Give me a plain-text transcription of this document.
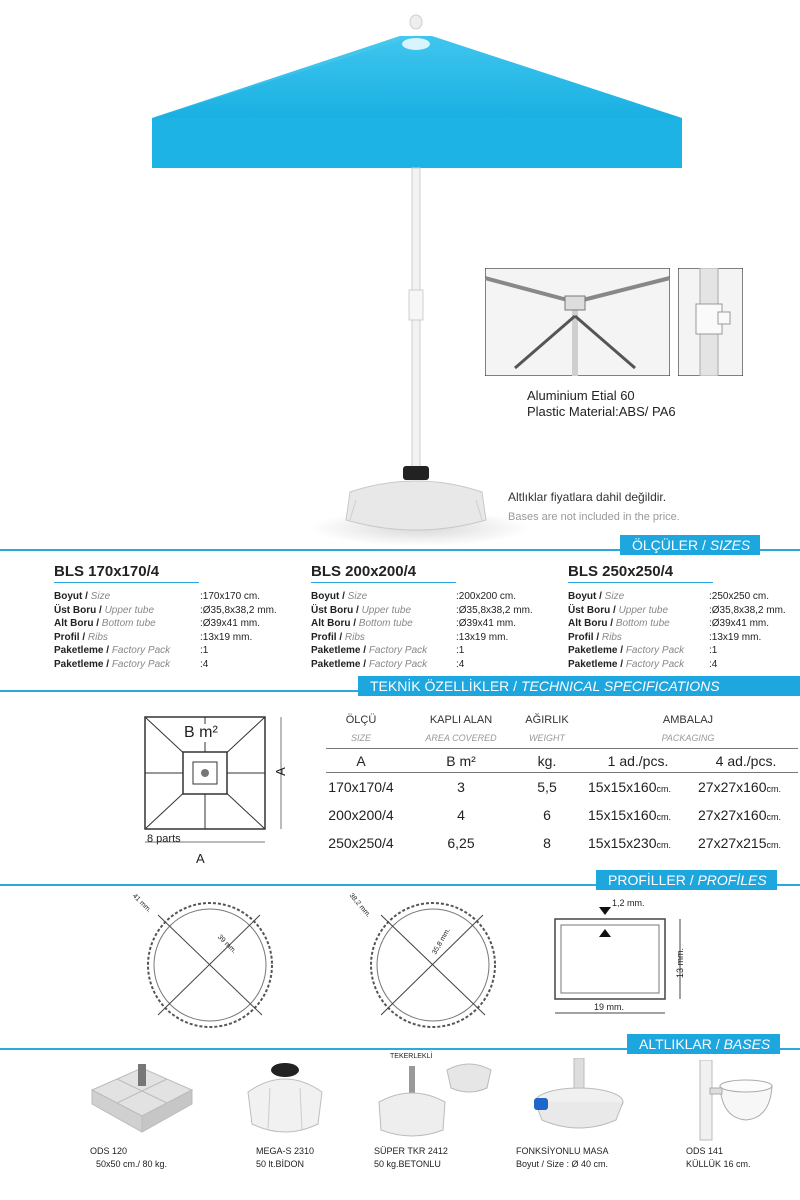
Aluminium Etial 60
Plastic Material:ABS/ PA6
Altlıklar fiyatlara dahil değildir.
Bases are not included in the price.
ÖLÇÜLER / SIZES
BLS 170x170/4
Boyut / Size	:170x170 cm.
Üst Boru / Upper tube	:Ø35,8x38,2 mm.
Alt Boru / Bottom tube	:Ø39x41 mm.
Profil / Ribs	:13x19 mm.
Paketleme / Factory Pack	:1
Paketleme / Factory Pack	:4
BLS 200x200/4
Boyut / Size	:200x200 cm.
Üst Boru / Upper tube	:Ø35,8x38,2 mm.
Alt Boru / Bottom tube	:Ø39x41 mm.
Profil / Ribs	:13x19 mm.
Paketleme / Factory Pack	:1
Paketleme / Factory Pack	:4
BLS 250x250/4
Boyut / Size	:250x250 cm.
Üst Boru / Upper tube	:Ø35,8x38,2 mm.
Alt Boru / Bottom tube	:Ø39x41 mm.
Profil / Ribs	:13x19 mm.
Paketleme / Factory Pack :1
Paketleme / Factory Pack :4
TEKNİK ÖZELLİKLER / TECHNICAL SPECIFICATIONS
B m²
A
8 parts
A
ÖLÇÜ
SIZE
KAPLI ALAN
AREA COVERED
AĞIRLIK
WEIGHT
AMBALAJ
PACKAGING
A	B m²	kg.	1 ad./pcs.	4 ad./pcs.
170x170/4	3	5,5	15x15x160cm.	27x27x160cm.
200x200/4	4	6	15x15x160cm.	27x27x160cm.
250x250/4	6,25	8	15x15x230cm.	27x27x215cm.
PROFİLLER / PROFİLES
41 mm.
39 mm.
38,2 mm.
35,8 mm.
1,2 mm.
13 mm.
19 mm.
ALTLIKLAR / BASES
TEKERLEKLİ
ODS 120
50x50 cm./ 80 kg.
MEGA-S 2310
50 lt.BİDON
SÜPER TKR 2412
50 kg.BETONLU
FONKSİYONLU MASA
Boyut / Size : Ø 40 cm.
ODS 141
KÜLLÜK 16 cm.
